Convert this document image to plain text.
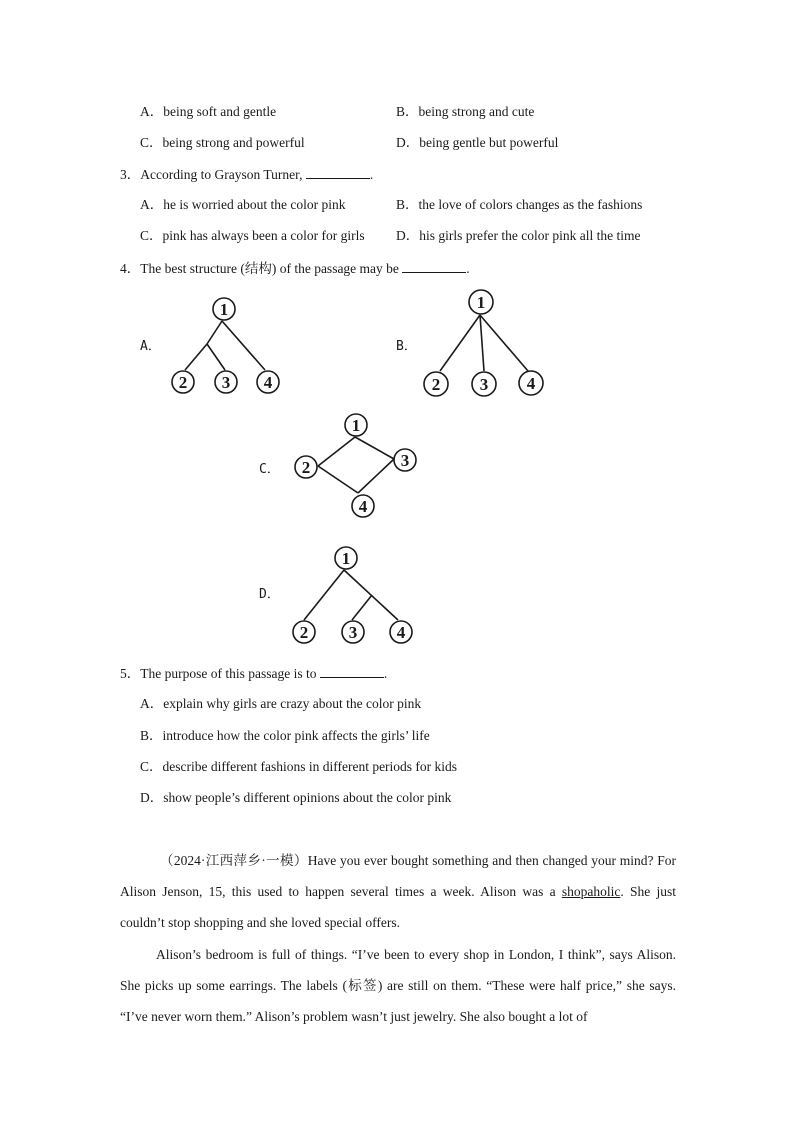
A．being soft and gentle	B．being strong and cute
C．being strong and powerful	D．being gentle but powerful
3．According to Grayson Turner,	.
A．he is worried about the color pink	B．the love of colors changes as the fashions
C．pink has always been a color for girls D．his girls prefer the color pink all the time
4．The best structure (结构) of the passage may be	.
A．
1
2 3 4
B．
1
2 3 4
C．
1
2	3
4
D．
1
2 3 4
5．The purpose of this passage is to	.
A．explain why girls are crazy about the color pink
B．introduce how the color pink affects the girls’ life
C．describe different fashions in different periods for kids
D．show people’s different opinions about the color pink
（2024·江西萍乡·一模）Have you ever bought something and then changed your mind? For Alison Jenson, 15, this used to happen several times a week. Alison was a shopaholic. She just couldn’t stop shopping and she loved special offers.
Alison’s bedroom is full of things. “I’ve been to every shop in London, I think”, says Alison. She picks up some earrings. The labels (标签) are still on them. “These were half price,” she says. “I’ve never worn them.” Alison’s problem wasn’t just jewelry. She also bought a lot of
